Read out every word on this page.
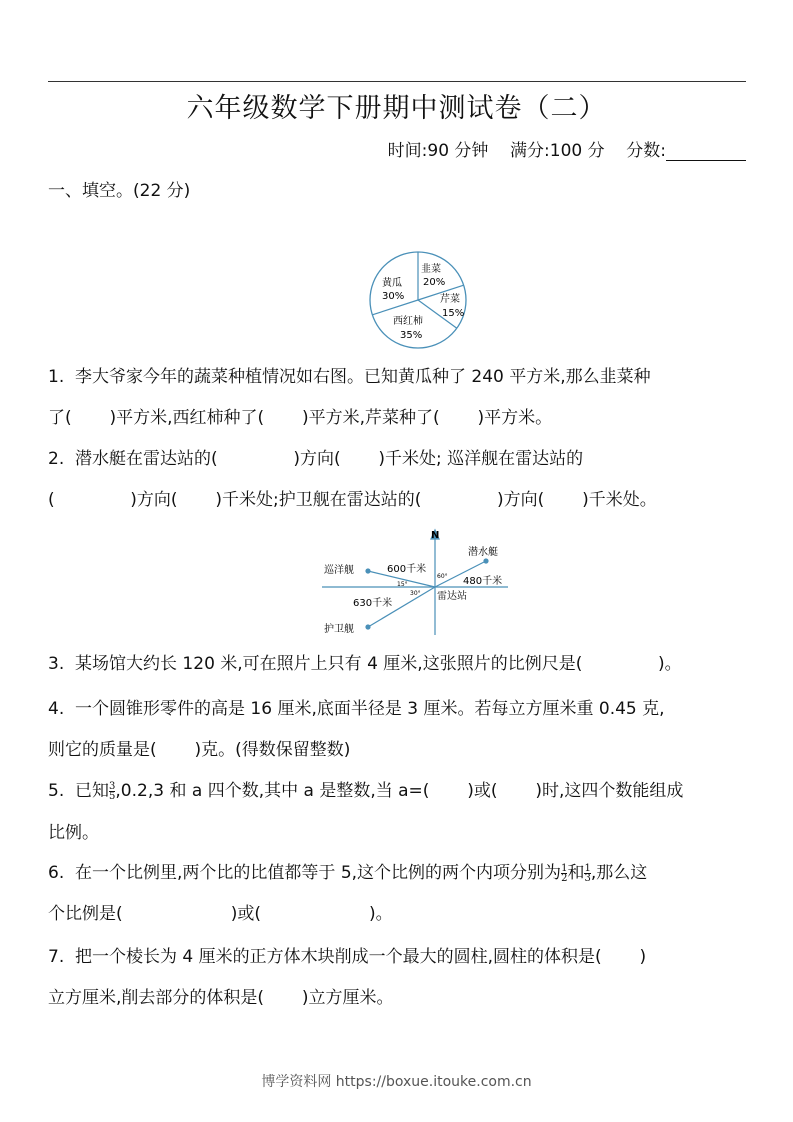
六年级数学下册期中测试卷（二）
时间:90 分钟 满分:100 分 分数:
一、填空。(22 分)
韭菜
20%
芹菜
15%
西红柿
35%
黄瓜
30%
1.  李大爷家今年的蔬菜种植情况如右图。已知黄瓜种了 240 平方米,那么韭菜种
了(       )平方米,西红柿种了(       )平方米,芹菜种了(       )平方米。
2.  潜水艇在雷达站的(              )方向(       )千米处; 巡洋舰在雷达站的
(              )方向(       )千米处;护卫舰在雷达站的(              )方向(       )千米处。
N
潜水艇
480千米
60°
巡洋舰	600千米
15°
护卫舰
630千米
30° 雷达站
3.  某场馆大约长 120 米,可在照片上只有 4 厘米,这张照片的比例尺是(              )。
4.  一个圆锥形零件的高是 16 厘米,底面半径是 3 厘米。若每立方厘米重 0.45 克,
则它的质量是(       )克。(得数保留整数)
5.  已知 $\frac{3}{5} ,0.2,3$ 和 a 四个数,其中 a 是整数,当 a=(       )或(       )时,这四个数能组成
比例。
6.  在一个比例里,两个比的比值都等于 5,这个比例的两个内项分别为 $\frac{1}{2}$ 和 $\frac{1}{3}$ ,那么这
个比例是(                    )或(                    )。
7.  把一个棱长为 4 厘米的正方体木块削成一个最大的圆柱,圆柱的体积是(       )
立方厘米,削去部分的体积是(       )立方厘米。
博学资料网 https://boxue.itouke.com.cn
